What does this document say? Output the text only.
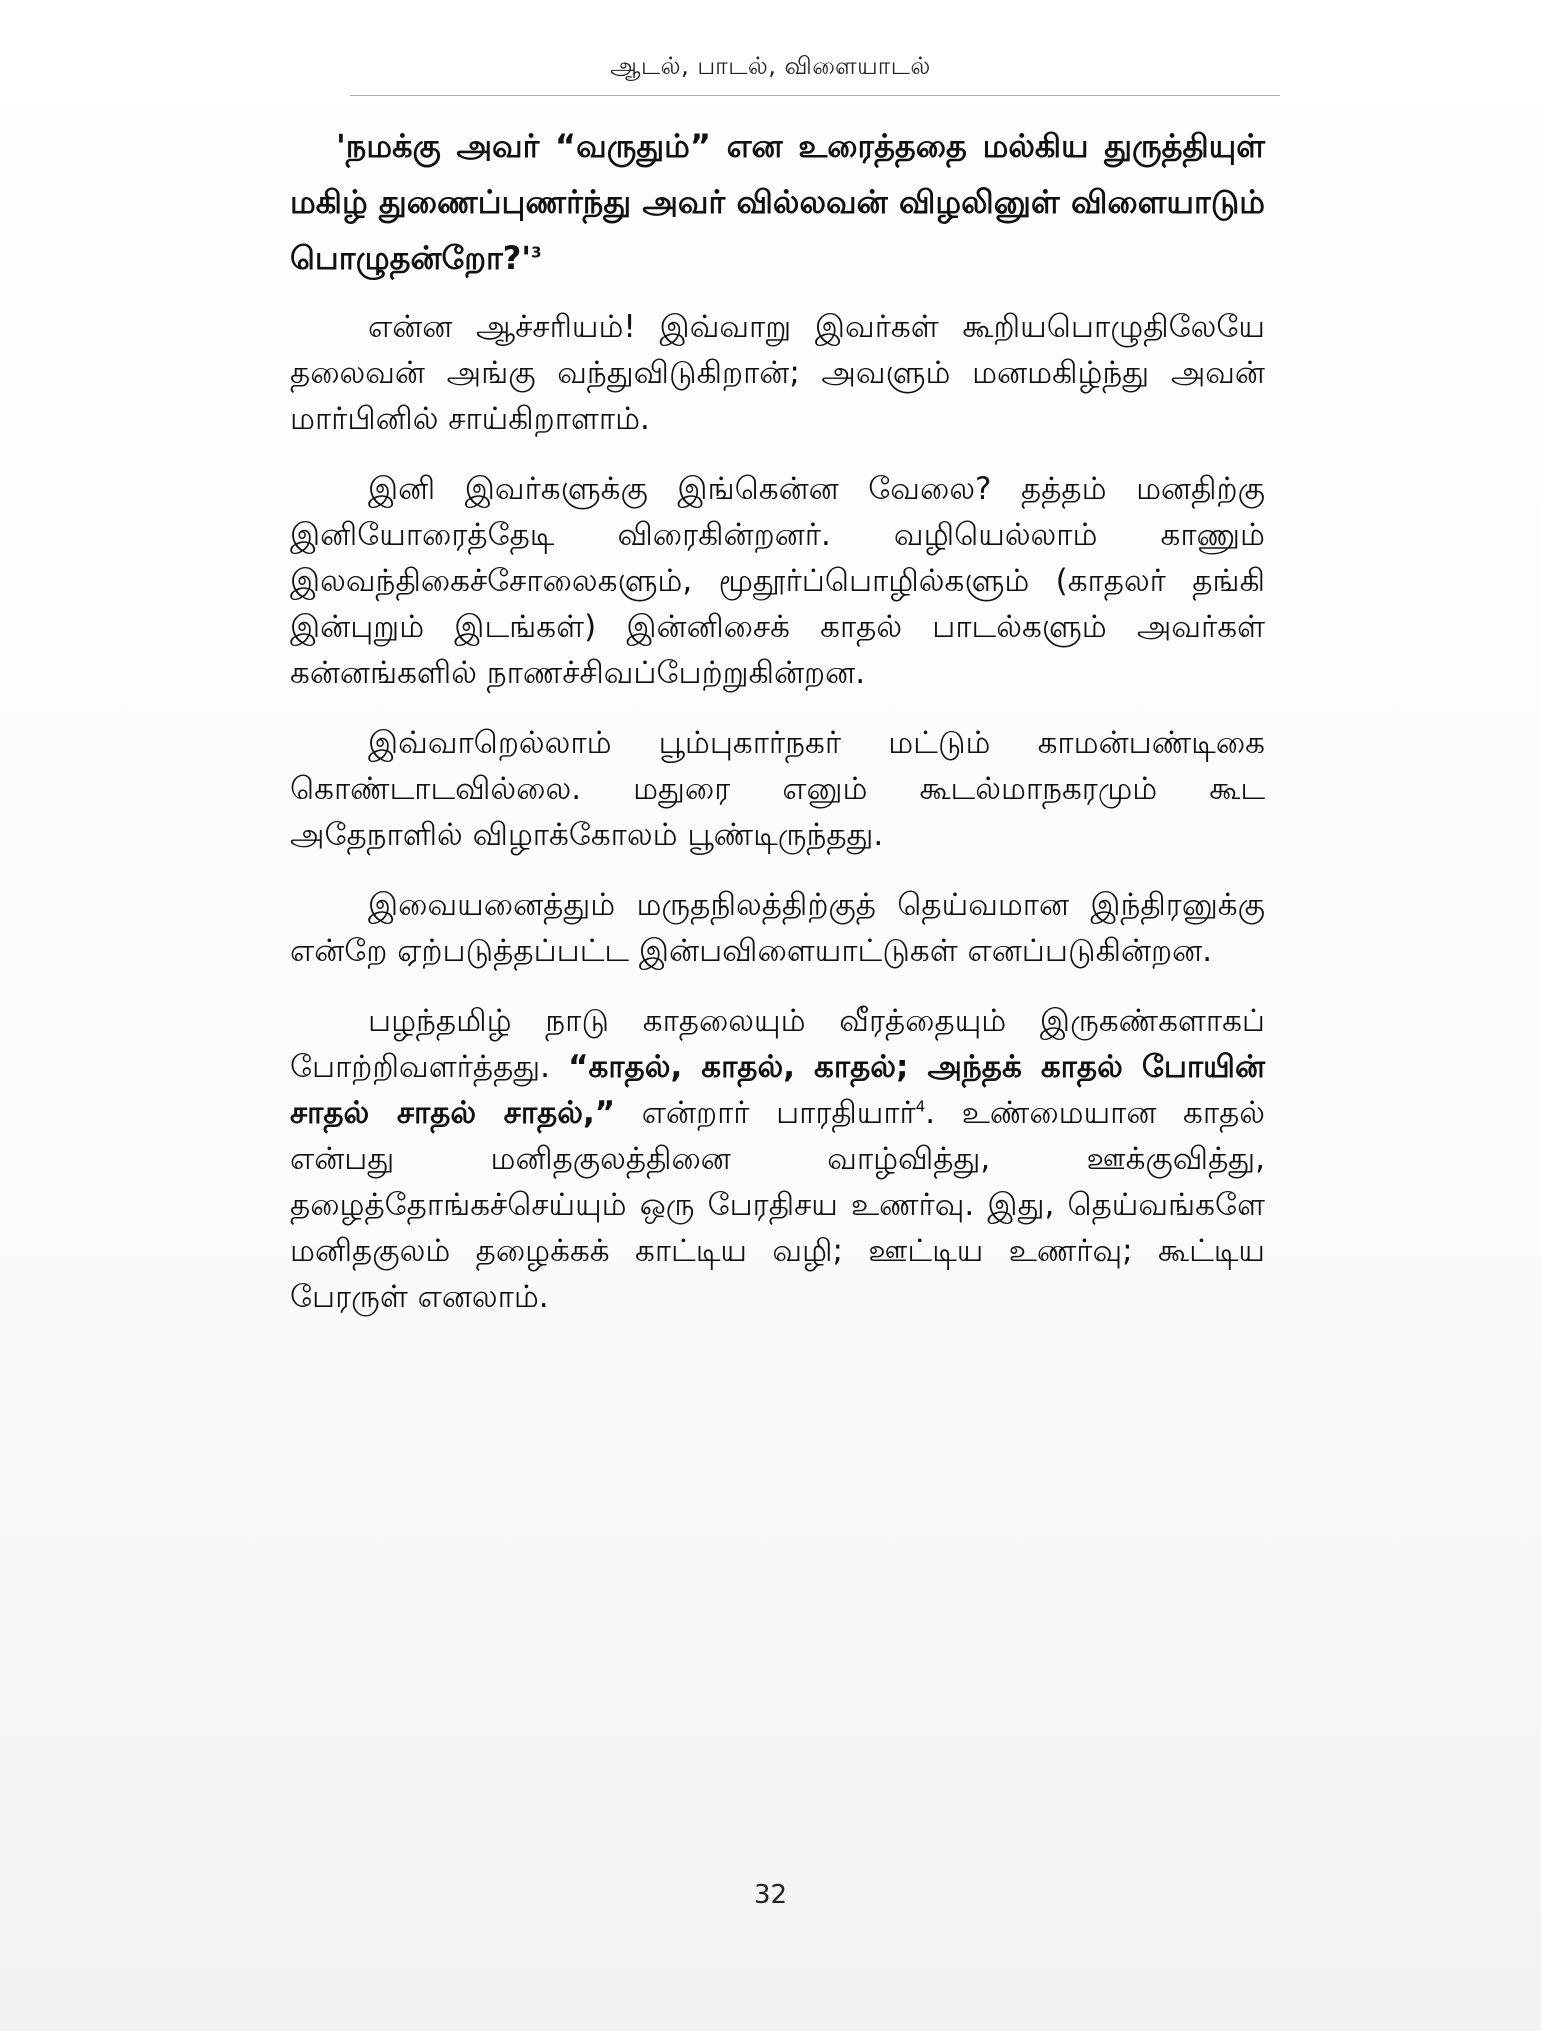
ஆடல், பாடல், விளையாடல்

'நமக்கு அவர் “வருதும்” என உரைத்ததை மல்கிய துருத்தியுள் மகிழ் துணைப்புணர்ந்து அவர் வில்லவன் விழலினுள் விளையாடும் பொழுதன்றோ?'$^3$

என்ன ஆச்சரியம்! இவ்வாறு இவர்கள் கூறியபொழுதிலேயே தலைவன் அங்கு வந்துவிடுகிறான்; அவளும் மனமகிழ்ந்து அவன் மார்பினில் சாய்கிறாளாம்.

இனி இவர்களுக்கு இங்கென்ன வேலை? தத்தம் மனதிற்கு இனியோரைத்தேடி விரைகின்றனர். வழியெல்லாம் காணும் இலவந்திகைச்சோலைகளும், மூதூர்ப்பொழில்களும் (காதலர் தங்கி இன்புறும் இடங்கள்) இன்னிசைக் காதல் பாடல்களும் அவர்கள் கன்னங்களில் நாணச்சிவப்பேற்றுகின்றன.

இவ்வாறெல்லாம் பூம்புகார்நகர் மட்டும் காமன்பண்டிகை கொண்டாடவில்லை. மதுரை எனும் கூடல்மாநகரமும் கூட அதேநாளில் விழாக்கோலம் பூண்டிருந்தது.

இவையனைத்தும் மருதநிலத்திற்குத் தெய்வமான இந்திரனுக்கு என்றே ஏற்படுத்தப்பட்ட இன்பவிளையாட்டுகள் எனப்படுகின்றன.

பழந்தமிழ் நாடு காதலையும் வீரத்தையும் இருகண்களாகப் போற்றிவளர்த்தது. “காதல், காதல், காதல்; அந்தக் காதல் போயின் சாதல் சாதல் சாதல்,” என்றார் பாரதியார்$^4$. உண்மையான காதல் என்பது மனிதகுலத்தினை வாழ்வித்து, ஊக்குவித்து, தழைத்தோங்கச்செய்யும் ஒரு பேரதிசய உணர்வு. இது, தெய்வங்களே மனிதகுலம் தழைக்கக் காட்டிய வழி; ஊட்டிய உணர்வு; கூட்டிய பேரருள் எனலாம்.

32
